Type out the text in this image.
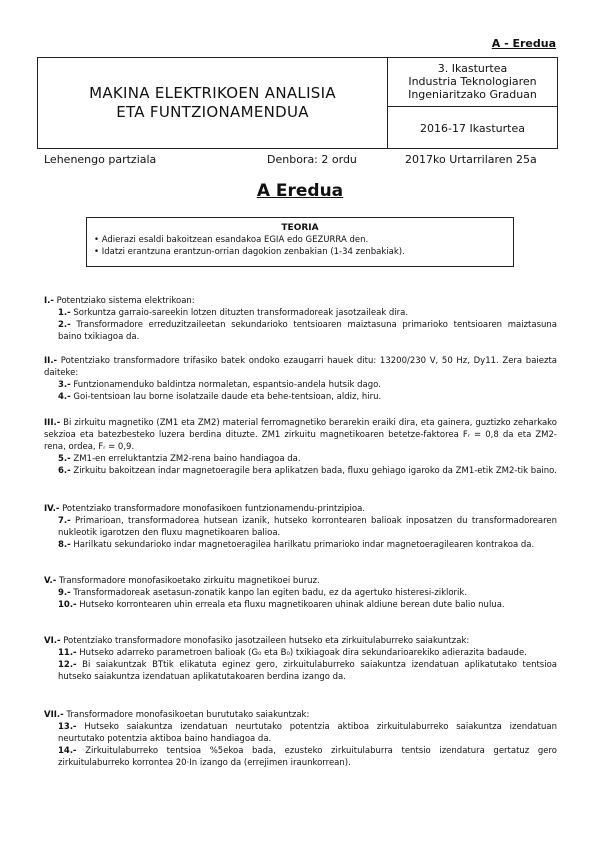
A - Eredua
MAKINA ELEKTRIKOEN ANALISIA
ETA FUNTZIONAMENDUA
3. Ikasturtea
Industria Teknologiaren
Ingeniaritzako Graduan
2016-17 Ikasturtea
Lehenengo partziala	Denbora: 2 ordu	2017ko Urtarrilaren 25a
A Eredua
TEORIA
• Adierazi esaldi bakoitzean esandakoa EGIA edo GEZURRA den.
• Idatzi erantzuna erantzun-orrian dagokion zenbakian (1-34 zenbakiak).

I.- Potentziako sistema elektrikoan:

1.- Sorkuntza garraio-sareekin lotzen dituzten transformadoreak jasotzaileak dira.

2.- Transformadore erreduzitzaileetan sekundarioko tentsioaren maiztasuna primarioko tentsioaren maiztasuna baino txikiagoa da.

II.- Potentziako transformadore trifasiko batek ondoko ezaugarri hauek ditu: 13200/230 V, 50 Hz, Dy11. Zera baieztа daiteke:

3.- Funtzionamenduko baldintza normaletan, espantsio-andela hutsik dago.

4.- Goi-tentsioan lau borne isolatzaile daude eta behe-tentsioan, aldiz, hiru.

III.- Bi zirkuitu magnetiko (ZM1 eta ZM2) material ferromagnetiko berarekin eraiki dira, eta gainera, guztizko zeharkako sekzioa eta batezbesteko luzera berdina dituzte. ZM1 zirkuitu magnetikoaren betetze-faktorea Fᵣ = 0,8 da eta ZM2-rena, ordea, Fᵣ = 0,9.

5.- ZM1-en erreluktantzia ZM2-rena baino handiagoa da.

6.- Zirkuitu bakoitzean indar magnetoeragile bera aplikatzen bada, fluxu gehiago igaroko da ZM1-etik ZM2-tik baino.

IV.- Potentziako transformadore monofasikoen funtzionamendu-printzipioa.

7.- Primarioan, transformadorea hutsean izanik, hutseko korrontearen balioak inposatzen du transformadorearen nukleotik igarotzen den fluxu magnetikoaren balioa.

8.- Harilkatu sekundarioko indar magnetoeragilea harilkatu primarioko indar magnetoeragilearen kontrakoa da.

V.- Transformadore monofasikoetako zirkuitu magnetikoei buruz.

9.- Transformadoreak asetasun-zonatik kanpo lan egiten badu, ez da agertuko histeresi-ziklorik.

10.- Hutseko korrontearen uhin erreala eta fluxu magnetikoaren uhinak aldiune berean dute balio nulua.

VI.- Potentziako transformadore monofasiko jasotzaileen hutseko eta zirkuitulaburreko saiakuntzak:

11.- Hutseko adarreko parametroen balioak (G₀ eta B₀) txikiagoak dira sekundarioarekiko adierazita badaude.

12.- Bi saiakuntzak BTtik elikatuta eginez gero, zirkuitulaburreko saiakuntza izendatuan aplikatutako tentsioa hutseko saiakuntza izendatuan aplikatutakoaren berdina izango da.

VII.- Transformadore monofasikoetan burututako saiakuntzak:

13.- Hutseko saiakuntza izendatuan neurtutako potentzia aktiboa zirkuitulaburreko saiakuntza izendatuan neurtutako potentzia aktiboa baino handiagoa da.

14.- Zirkuitulaburreko tentsioa %5ekoa bada, ezusteko zirkuitulaburra tentsio izendatura gertatuz gero zirkuitulaburreko korrontea 20·In izango da (errejimen iraunkorrean).
